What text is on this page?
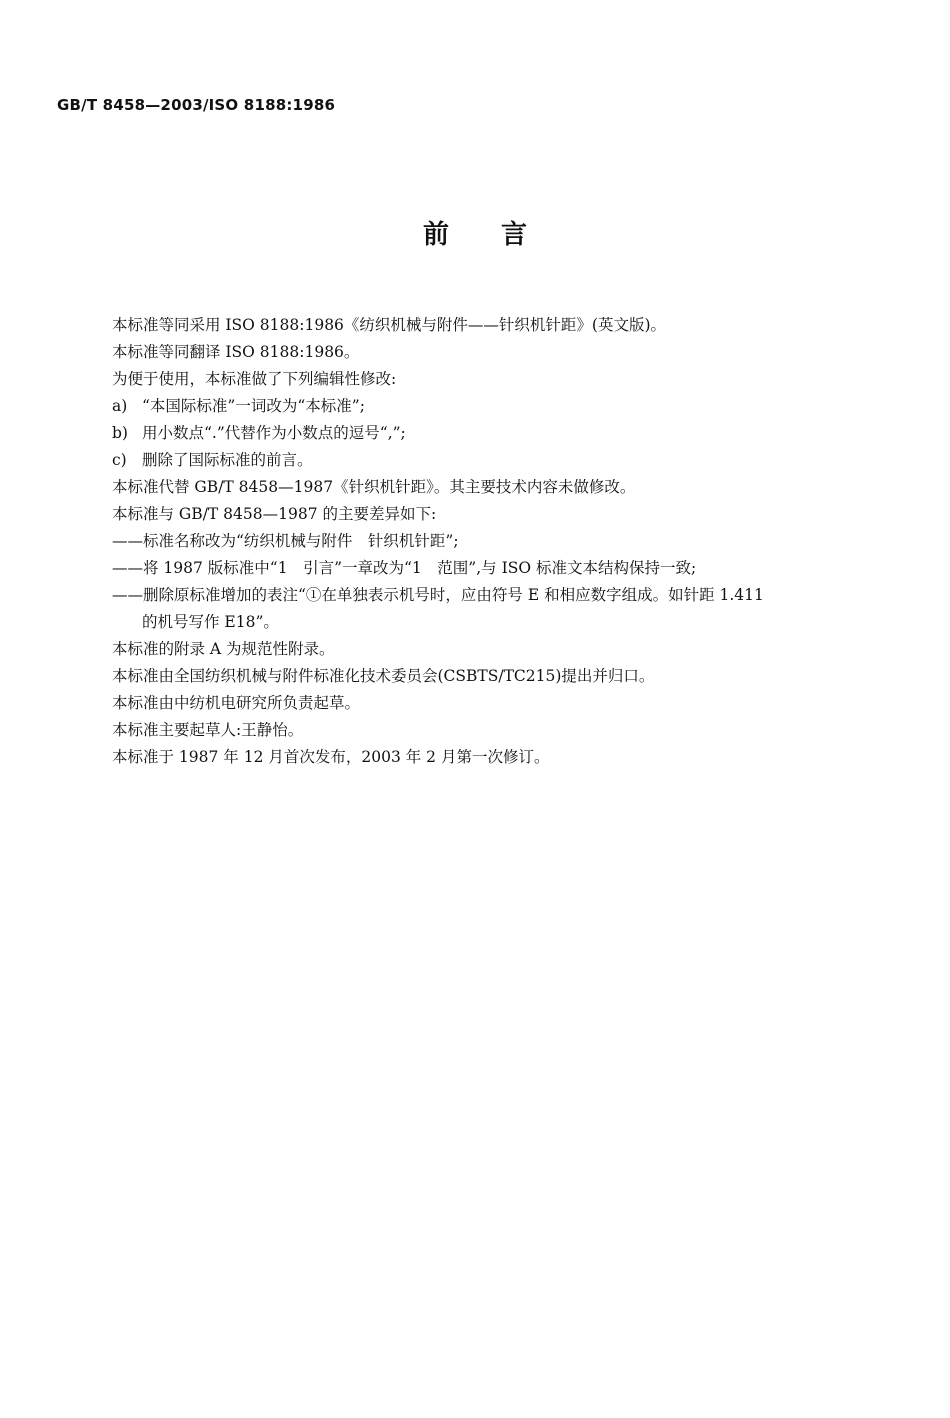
GB/T 8458—2003/ISO 8188:1986
前言
本标准等同采用 ISO 8188:1986《纺织机械与附件——针织机针距》(英文版)。
本标准等同翻译 ISO 8188:1986。
为便于使用，本标准做了下列编辑性修改:
a) “本国际标准”一词改为“本标准”;
b) 用小数点“.”代替作为小数点的逗号“,”;
c) 删除了国际标准的前言。
本标准代替 GB/T 8458—1987《针织机针距》。其主要技术内容未做修改。
本标准与 GB/T 8458—1987 的主要差异如下:
——标准名称改为“纺织机械与附件　针织机针距”;
——将 1987 版标准中“1　引言”一章改为“1　范围”,与 ISO 标准文本结构保持一致;
——删除原标准增加的表注“①在单独表示机号时，应由符号 E 和相应数字组成。如针距 1.411
的机号写作 E18”。
本标准的附录 A 为规范性附录。
本标准由全国纺织机械与附件标准化技术委员会(CSBTS/TC215)提出并归口。
本标准由中纺机电研究所负责起草。
本标准主要起草人:王静怡。
本标准于 1987 年 12 月首次发布，2003 年 2 月第一次修订。
